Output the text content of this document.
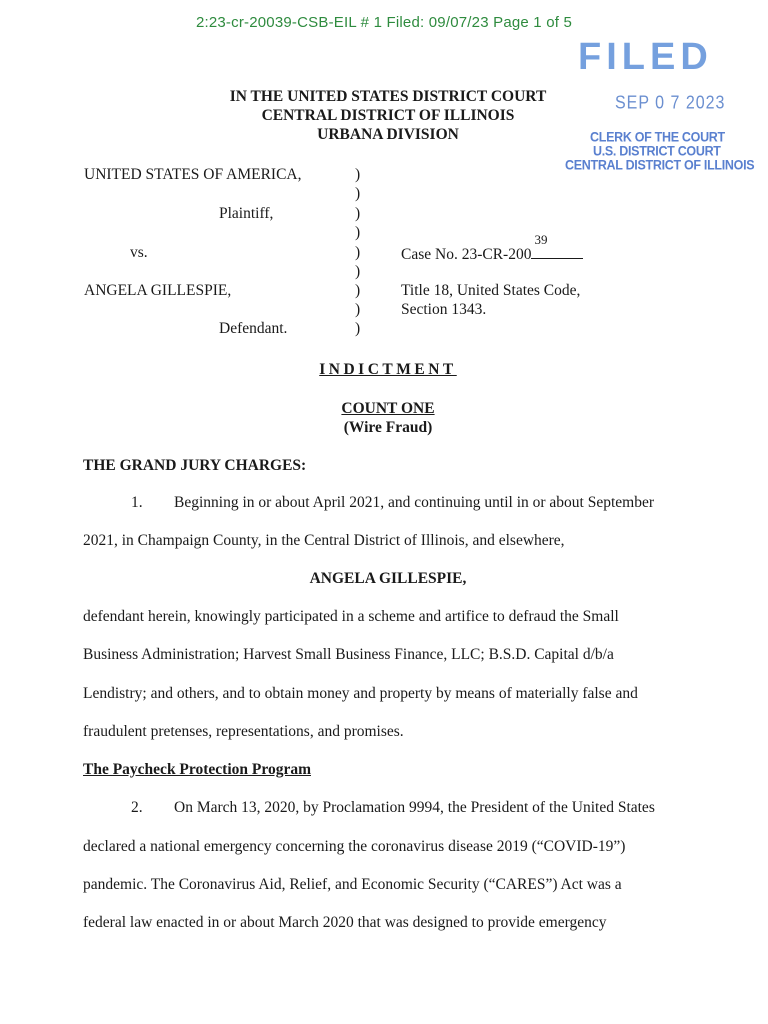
2:23-cr-20039-CSB-EIL # 1 Filed: 09/07/23 Page 1 of 5
FILED
SEP 0 7 2023
CLERK OF THE COURT
U.S. DISTRICT COURT
CENTRAL DISTRICT OF ILLINOIS
IN THE UNITED STATES DISTRICT COURT
CENTRAL DISTRICT OF ILLINOIS
URBANA DIVISION
UNITED STATES OF AMERICA,
Plaintiff,
vs.
ANGELA GILLESPIE,
Defendant.
)
)
)
)
)
)
)
)
)
Case No. 23-CR-200
39
Title 18, United States Code,
Section 1343.
INDICTMENT
COUNT ONE
(Wire Fraud)
THE GRAND JURY CHARGES:
1. Beginning in or about April 2021, and continuing until in or about September
2021, in Champaign County, in the Central District of Illinois, and elsewhere,
ANGELA GILLESPIE,
defendant herein, knowingly participated in a scheme and artifice to defraud the Small
Business Administration; Harvest Small Business Finance, LLC; B.S.D. Capital d/b/a
Lendistry; and others, and to obtain money and property by means of materially false and
fraudulent pretenses, representations, and promises.
The Paycheck Protection Program
2. On March 13, 2020, by Proclamation 9994, the President of the United States
declared a national emergency concerning the coronavirus disease 2019 (“COVID-19”)
pandemic. The Coronavirus Aid, Relief, and Economic Security (“CARES”) Act was a
federal law enacted in or about March 2020 that was designed to provide emergency
